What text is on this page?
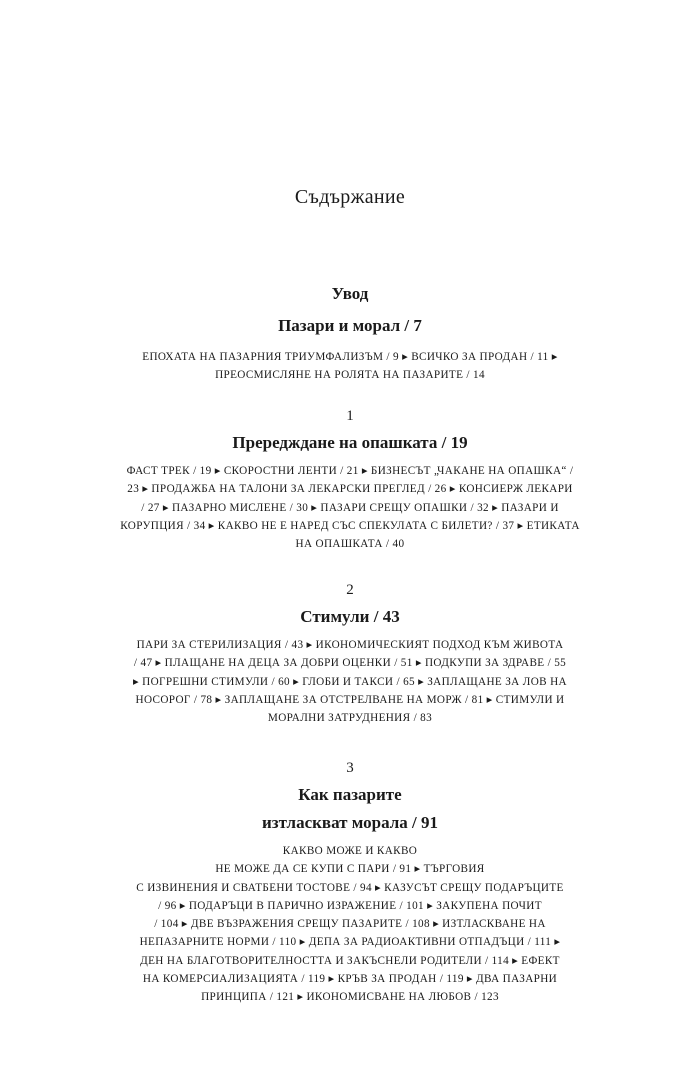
Съдържание
Увод
Пазари и морал / 7
ЕПОХАТА НА ПАЗАРНИЯ ТРИУМФАЛИЗЪМ / 9 ▸ ВСИЧКО ЗА ПРОДАН / 11 ▸
ПРЕОСМИСЛЯНЕ НА РОЛЯТА НА ПАЗАРИТЕ / 14
1
Прередждане на опашката / 19
ФАСТ ТРЕК / 19 ▸ СКОРОСТНИ ЛЕНТИ / 21 ▸ БИЗНЕСЪТ „ЧАКАНЕ НА ОПАШКА“ /
23 ▸ ПРОДАЖБА НА ТАЛОНИ ЗА ЛЕКАРСКИ ПРЕГЛЕД / 26 ▸ КОНСИЕРЖ ЛЕКАРИ
/ 27 ▸ ПАЗАРНО МИСЛЕНЕ / 30 ▸ ПАЗАРИ СРЕЩУ ОПАШКИ / 32 ▸ ПАЗАРИ И
КОРУПЦИЯ / 34 ▸ КАКВО НЕ Е НАРЕД СЪС СПЕКУЛАТА С БИЛЕТИ? / 37 ▸ ЕТИКАТА
НА ОПАШКАТА / 40
2
Стимули / 43
ПАРИ ЗА СТЕРИЛИЗАЦИЯ / 43 ▸ ИКОНОМИЧЕСКИЯТ ПОДХОД КЪМ ЖИВОТА
/ 47 ▸ ПЛАЩАНЕ НА ДЕЦА ЗА ДОБРИ ОЦЕНКИ / 51 ▸ ПОДКУПИ ЗА ЗДРАВЕ / 55
▸ ПОГРЕШНИ СТИМУЛИ / 60 ▸ ГЛОБИ И ТАКСИ / 65 ▸ ЗАПЛАЩАНЕ ЗА ЛОВ НА
НОСОРОГ / 78 ▸ ЗАПЛАЩАНЕ ЗА ОТСТРЕЛВАНЕ НА МОРЖ / 81 ▸ СТИМУЛИ И
МОРАЛНИ ЗАТРУДНЕНИЯ / 83
3
Как пазарите
изтласкват морала / 91
КАКВО МОЖЕ И КАКВО
НЕ МОЖЕ ДА СЕ КУПИ С ПАРИ / 91 ▸ ТЪРГОВИЯ
С ИЗВИНЕНИЯ И СВАТБЕНИ ТОСТОВЕ / 94 ▸ КАЗУСЪТ СРЕЩУ ПОДАРЪЦИТЕ
/ 96 ▸ ПОДАРЪЦИ В ПАРИЧНО ИЗРАЖЕНИЕ / 101 ▸ ЗАКУПЕНА ПОЧИТ
/ 104 ▸ ДВЕ ВЪЗРАЖЕНИЯ СРЕЩУ ПАЗАРИТЕ / 108 ▸ ИЗТЛАСКВАНЕ НА
НЕПАЗАРНИТЕ НОРМИ / 110 ▸ ДЕПА ЗА РАДИОАКТИВНИ ОТПАДЪЦИ / 111 ▸
ДЕН НА БЛАГОТВОРИТЕЛНОСТТА И ЗАКЪСНЕЛИ РОДИТЕЛИ / 114 ▸ ЕФЕКТ
НА КОМЕРСИАЛИЗАЦИЯТА / 119 ▸ КРЪВ ЗА ПРОДАН / 119 ▸ ДВА ПАЗАРНИ
ПРИНЦИПА / 121 ▸ ИКОНОМИСВАНЕ НА ЛЮБОВ / 123
